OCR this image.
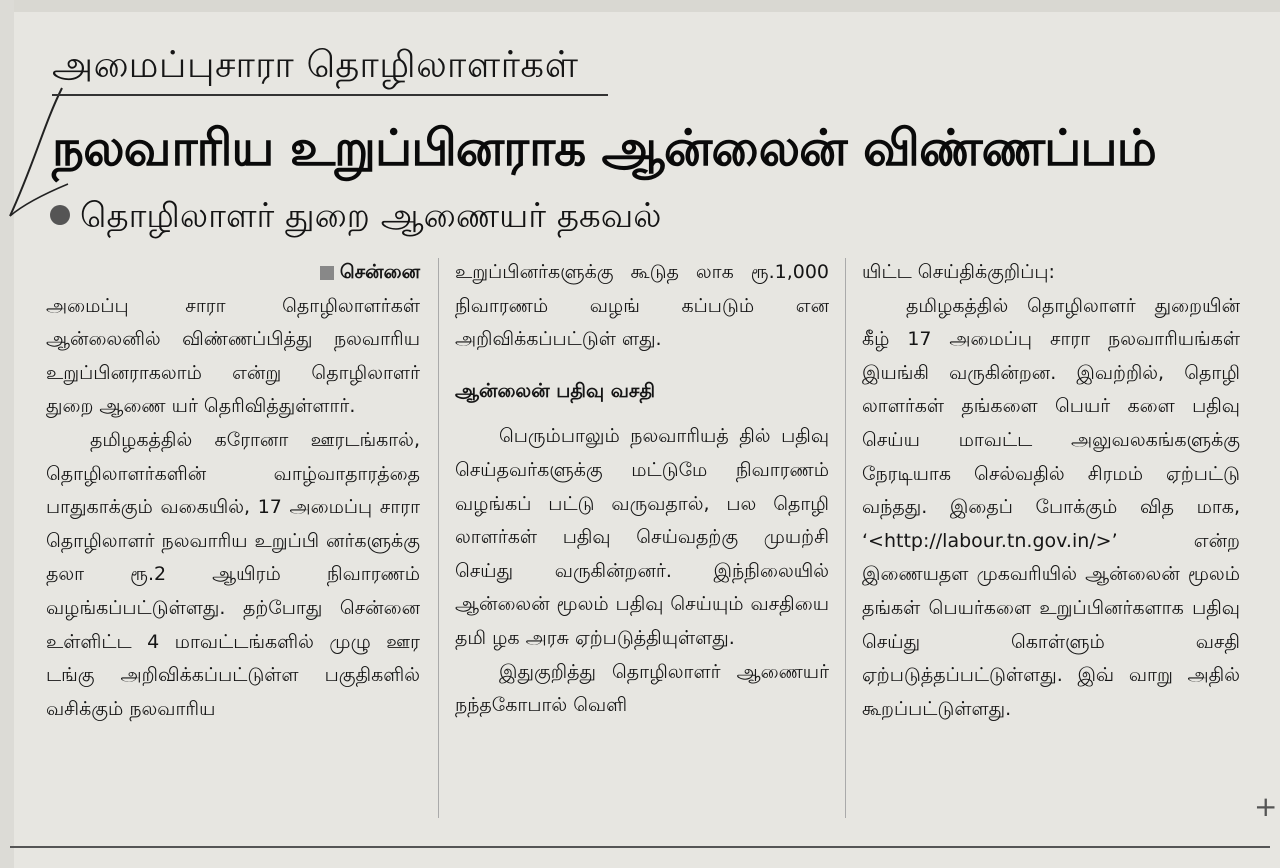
அமைப்புசாரா தொழிலாளர்கள்
நலவாரிய உறுப்பினராக ஆன்லைன் விண்ணப்பம்
தொழிலாளர் துறை ஆணையர் தகவல்

சென்னை

அமைப்பு சாரா தொழிலாளர்கள் ஆன்லைனில் விண்ணப்பித்து நலவாரிய உறுப்பினராகலாம் என்று தொழிலாளர் துறை ஆணை யர் தெரிவித்துள்ளார்.

தமிழகத்தில் கரோனா ஊரடங்கால், தொழிலாளர்களின் வாழ்வாதாரத்தை பாதுகாக்கும் வகையில், 17 அமைப்பு சாரா தொழிலாளர் நலவாரிய உறுப்பி னர்களுக்கு தலா ரூ.2 ஆயிரம் நிவாரணம் வழங்கப்பட்டுள்ளது. தற்போது சென்னை உள்ளிட்ட 4 மாவட்டங்களில் முழு ஊர டங்கு அறிவிக்கப்பட்டுள்ள பகுதிகளில் வசிக்கும் நலவாரிய

உறுப்பினர்களுக்கு கூடுத லாக ரூ.1,000 நிவாரணம் வழங் கப்படும் என அறிவிக்கப்பட்டுள் ளது.

ஆன்லைன் பதிவு வசதி

பெரும்பாலும் நலவாரியத் தில் பதிவு செய்தவர்களுக்கு மட்டுமே நிவாரணம் வழங்கப் பட்டு வருவதால், பல தொழி லாளர்கள் பதிவு செய்வதற்கு முயற்சி செய்து வருகின்றனர். இந்நிலையில் ஆன்லைன் மூலம் பதிவு செய்யும் வசதியை தமி ழக அரசு ஏற்படுத்தியுள்ளது.

இதுகுறித்து தொழிலாளர் ஆணையர் நந்தகோபால் வெளி

யிட்ட செய்திக்குறிப்பு:

தமிழகத்தில் தொழிலாளர் துறையின் கீழ் 17 அமைப்பு சாரா நலவாரியங்கள் இயங்கி வருகின்றன. இவற்றில், தொழி லாளர்கள் தங்களை பெயர் களை பதிவு செய்ய மாவட்ட அலுவலகங்களுக்கு நேரடியாக செல்வதில் சிரமம் ஏற்பட்டு வந்தது. இதைப் போக்கும் வித மாக, ‘<http://labour.tn.gov.in/>’ என்ற இணையதள முகவரியில் ஆன்லைன் மூலம் தங்கள் பெயர்களை உறுப்பினர்களாக பதிவு செய்து கொள்ளும் வசதி ஏற்படுத்தப்பட்டுள்ளது. இவ் வாறு அதில் கூறப்பட்டுள்ளது.

+
